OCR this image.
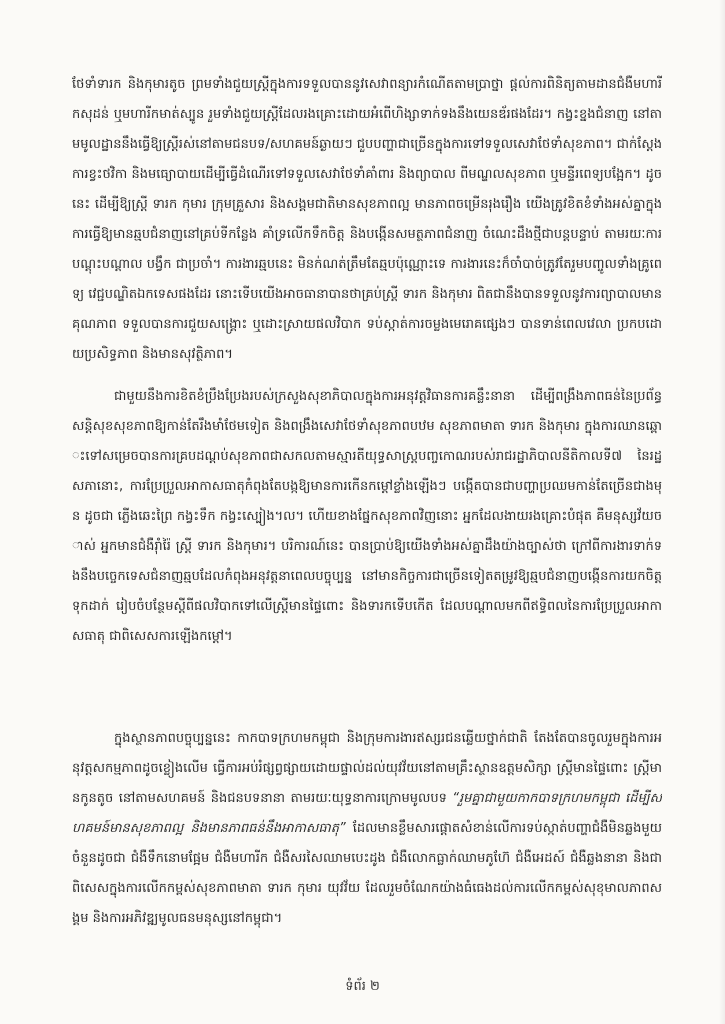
ថែទាំទារក និងកុមារតូច ព្រមទាំងជួយស្ត្រីក្នុងការទទួលបាននូវសេវាពន្យារកំណើតតាមប្រាថ្នា ផ្តល់ការពិនិត្យតាមដានជំងឺមហារីកសុដន់ ឬមហារីកមាត់ស្បូន រួមទាំងជួយស្ត្រីដែលរងគ្រោះដោយអំពើហិង្សាទាក់ទងនឹងយេនឌ័រផងដែរ។ កង្វះខ្នងជំនាញ នៅតាមមូលដ្ឋាននឹងធ្វើឱ្យស្ត្រីរស់នៅតាមជនបទ/សហគមន៍ឆ្ងាយៗ ជួបបញ្ហាជាច្រើនក្នុងការទៅទទួលសេវាថែទាំសុខភាព។ ជាក់ស្តែងការខ្វះថវិកា និងមធ្យោបាយដើម្បីធ្វើដំណើរទៅទទួលសេវាថែទាំគាំពារ និងព្យាបាល ពីមណ្ឌលសុខភាព ឬមន្ទីរពេទ្យបង្អែក។ ដូចនេះ ដើម្បីឱ្យស្ត្រី ទារក កុមារ ក្រុមគ្រួសារ និងសង្គមជាតិមានសុខភាពល្អ មានភាពចម្រើនរុងរឿង យើងត្រូវខិតខំទាំងអស់គ្នាក្នុងការធ្វើឱ្យមានឆ្មបជំនាញនៅគ្រប់ទីកន្លែង គាំទ្រលើកទឹកចិត្ត និងបង្កើនសមត្ថភាពជំនាញ ចំណេះដឹងថ្មីជាបន្តបន្ទាប់ តាមរយៈការបណ្តុះបណ្តាល បង្វឹក ជាប្រចាំ។ ការងារឆ្មបនេះ មិនក់ណត់ត្រឹមតែឆ្មបប៉ុណ្ណោះទេ ការងារនេះក៏ចាំបាច់ត្រូវតែរួមបញ្ចូលទាំងគ្រូពេទ្យ វេជ្ជបណ្ឌិតឯកទេសផងដែរ នោះទើបយើងអាចធានាបានថាគ្រប់ស្ត្រី ទារក និងកុមារ ពិតជានឹងបានទទួលនូវការព្យាបាលមានគុណភាព ទទួលបានការជួយសង្គ្រោះ ឬដោះស្រាយផលវិបាក ទប់ស្កាត់ការចម្លងមេរោគផ្សេងៗ បានទាន់ពេលវេលា ប្រកបដោយប្រសិទ្ធភាព និងមានសុវត្ថិភាព។

ជាមួយនឹងការខិតខំប្រឹងប្រែងរបស់ក្រសួងសុខាភិបាលក្នុងការអនុវត្តវិធានការគន្លឹះនានា ដើម្បីពង្រឹងភាពធន់នៃប្រព័ន្ធសន្តិសុខសុខភាពឱ្យកាន់តែរឹងមាំថែមទៀត និងពង្រឹងសេវាថែទាំសុខភាពបឋម សុខភាពមាតា ទារក និងកុមារ ក្នុងការឈានឆ្ពោះទៅសម្រេចបានការគ្របដណ្តប់សុខភាពជាសកលតាមស្មារតីយុទ្ធសាស្ត្របញ្ចកោណរបស់រាជរដ្ឋាភិបាលនីតិកាលទី៧ នៃរដ្ឋសភានោះ, ការប្រែប្រួលអាកាសធាតុកំពុងតែបង្កឱ្យមានការកើនកម្តៅខ្លាំងឡើងៗ បង្កើតបានជាបញ្ហាប្រឈមកាន់តែច្រើនជាងមុន ដូចជា ភ្លើងឆេះព្រៃ កង្វះទឹក កង្វះស្បៀង។ល។ ហើយខាងផ្នែកសុខភាពវិញនោះ អ្នកដែលងាយរងគ្រោះបំផុត គឺមនុស្សវ័យចាស់ អ្នកមានជំងឺរ៉ាំរ៉ៃ ស្ត្រី ទារក និងកុមារ។ បរិការណ៍នេះ បានប្រាប់ឱ្យយើងទាំងអស់គ្នាដឹងយ៉ាងច្បាស់ថា ក្រៅពីការងារទាក់ទងនឹងបច្ចេកទេសជំនាញឆ្មបដែលកំពុងអនុវត្តនាពេលបច្ចុប្បន្ន នៅមានកិច្ចការជាច្រើនទៀតតម្រូវឱ្យឆ្មបជំនាញបង្កើនការយកចិត្តទុកដាក់ រៀបចំបន្ថែមស្តីពីផលវិបាកទៅលើស្ត្រីមានផ្ទៃពោះ និងទារកទើបកើត ដែលបណ្តាលមកពីឥទ្ធិពលនៃការប្រែប្រួលអាកាសធាតុ ជាពិសេសការឡើងកម្តៅ។

ក្នុងស្ថានភាពបច្ចុប្បន្ននេះ កាកបាទក្រហមកម្ពុជា និងក្រុមការងារឥស្សរជនឆ្លើយថ្នាក់ជាតិ តែងតែបានចូលរួមក្នុងការអនុវត្តសកម្មភាពដូចខ្លៀងលើម ធ្វើការអប់រំផ្សព្វផ្សាយដោយផ្ទាល់ដល់យុវវ័យនៅតាមគ្រឹះស្ថានឧត្តមសិក្សា ស្ត្រីមានផ្ទៃពោះ ស្ត្រីមានកូនតូច នៅតាមសហគមន៍ និងជនបទនានា តាមរយៈយុទ្ធនាការក្រោមមូលបទ “រួមគ្នាជាមួយកាកបាទក្រហមកម្ពុជា ដើម្បីសហគមន៍មានសុខភាពល្អ និងមានភាពធន់នឹងអាកាសធាតុ” ដែលមានខ្លឹមសារផ្តោតសំខាន់លើការទប់ស្កាត់បញ្ហាជំងឺមិនឆ្លងមួយចំនួនដូចជា ជំងឺទឹកនោមផ្អែម ជំងឺមហារីក ជំងឺសរសៃឈាមបេះដូង ជំងឺលោកធ្លាក់ឈាមភូហ៊ែ ជំងឺអេដស៍ ជំងឺឆ្លងនានា និងជាពិសេសក្នុងការលើកកម្ពស់សុខភាពមាតា ទារក កុមារ យុវវ័យ ដែលរួមចំណែកយ៉ាងធំធេងដល់ការលើកកម្ពស់សុខុមាលភាពសង្គម និងការអភិវឌ្ឍមូលធនមនុស្សនៅកម្ពុជា។

ទំព័រ ២
